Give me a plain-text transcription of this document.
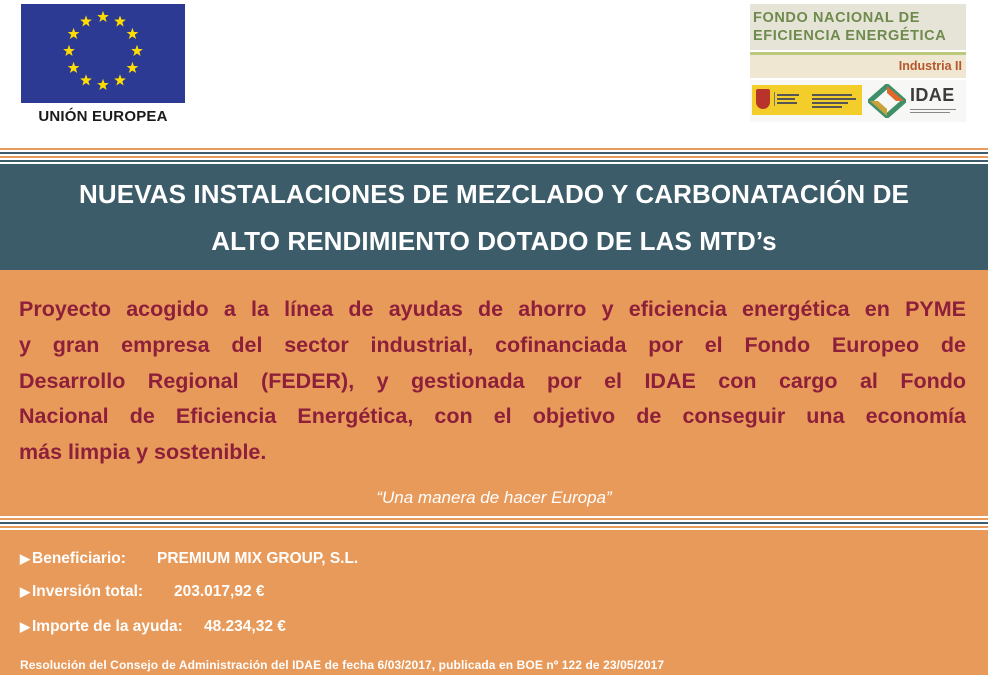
UNIÓN EUROPEA
FONDO NACIONAL DE
EFICIENCIA ENERGÉTICA
Industria II
IDAE
NUEVAS INSTALACIONES DE MEZCLADO Y CARBONATACIÓN DE
ALTO RENDIMIENTO DOTADO DE LAS MTD’s
Proyecto acogido a la línea de ayudas de ahorro y eficiencia energética en PYME
y gran empresa del sector industrial, cofinanciada por el Fondo Europeo de
Desarrollo Regional (FEDER), y gestionada por el IDAE con cargo al Fondo
Nacional de Eficiencia Energética, con el objetivo de conseguir una economía
más limpia y sostenible.
“Una manera de hacer Europa”
▶ Beneficiario: PREMIUM MIX GROUP, S.L.
▶ Inversión total: 203.017,92 €
▶ Importe de la ayuda: 48.234,32 €
Resolución del Consejo de Administración del IDAE de fecha 6/03/2017, publicada en BOE nº 122 de 23/05/2017
